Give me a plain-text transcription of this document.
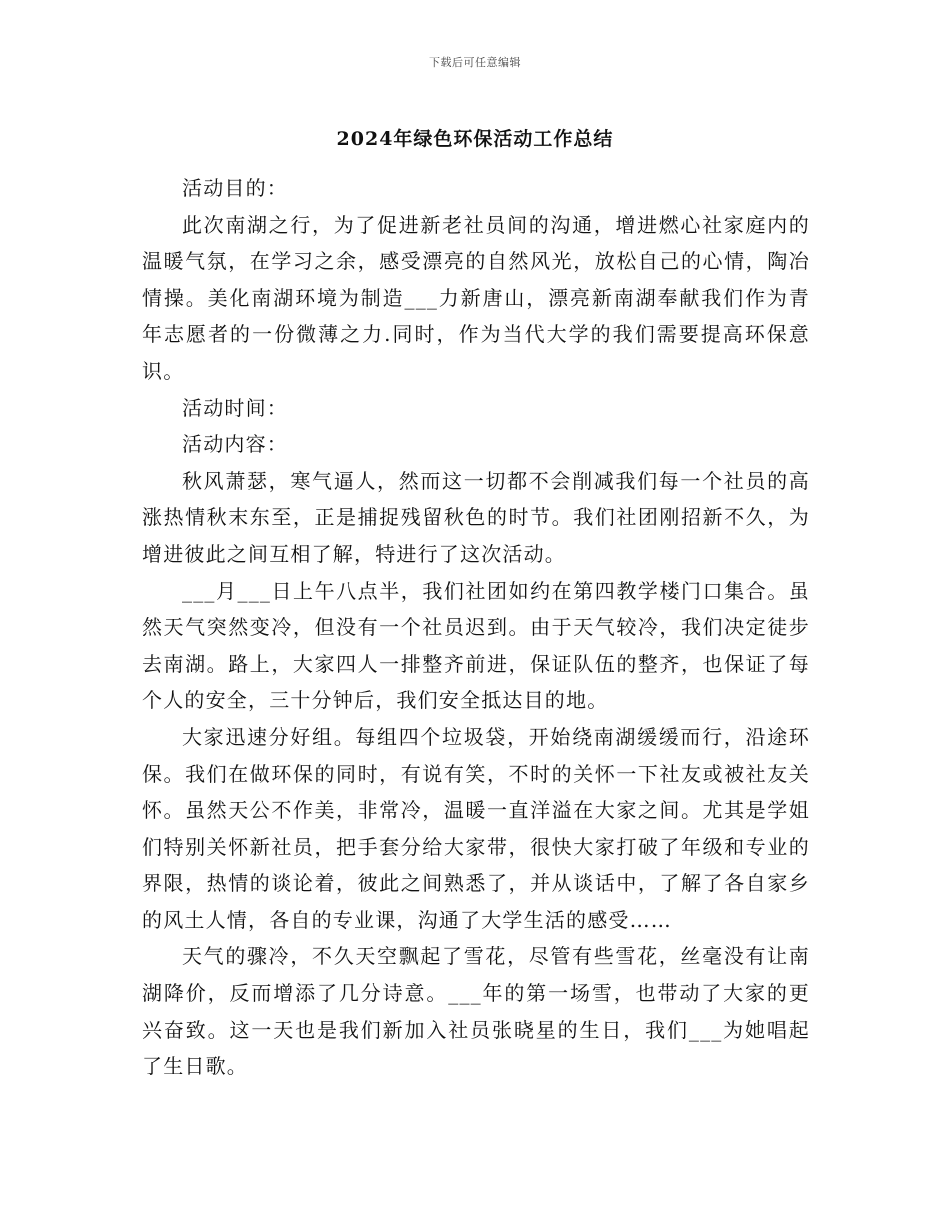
下载后可任意编辑
2024年绿色环保活动工作总结

活动目的：

此次南湖之行，为了促进新老社员间的沟通，增进燃心社家庭内的温暖气氛，在学习之余，感受漂亮的自然风光，放松自己的心情，陶冶情操。美化南湖环境为制造___力新唐山，漂亮新南湖奉献我们作为青年志愿者的一份微薄之力.同时，作为当代大学的我们需要提高环保意识。

活动时间：

活动内容：

秋风萧瑟，寒气逼人，然而这一切都不会削减我们每一个社员的高涨热情秋末东至，正是捕捉残留秋色的时节。我们社团刚招新不久，为增进彼此之间互相了解，特进行了这次活动。

___月___日上午八点半，我们社团如约在第四教学楼门口集合。虽然天气突然变冷，但没有一个社员迟到。由于天气较冷，我们决定徒步去南湖。路上，大家四人一排整齐前进，保证队伍的整齐，也保证了每个人的安全，三十分钟后，我们安全抵达目的地。

大家迅速分好组。每组四个垃圾袋，开始绕南湖缓缓而行，沿途环保。我们在做环保的同时，有说有笑，不时的关怀一下社友或被社友关怀。虽然天公不作美，非常冷，温暖一直洋溢在大家之间。尤其是学姐们特别关怀新社员，把手套分给大家带，很快大家打破了年级和专业的界限，热情的谈论着，彼此之间熟悉了，并从谈话中，了解了各自家乡的风土人情，各自的专业课，沟通了大学生活的感受……

天气的骤冷，不久天空飘起了雪花，尽管有些雪花，丝毫没有让南湖降价，反而增添了几分诗意。___年的第一场雪，也带动了大家的更兴奋致。这一天也是我们新加入社员张晓星的生日，我们___为她唱起了生日歌。
